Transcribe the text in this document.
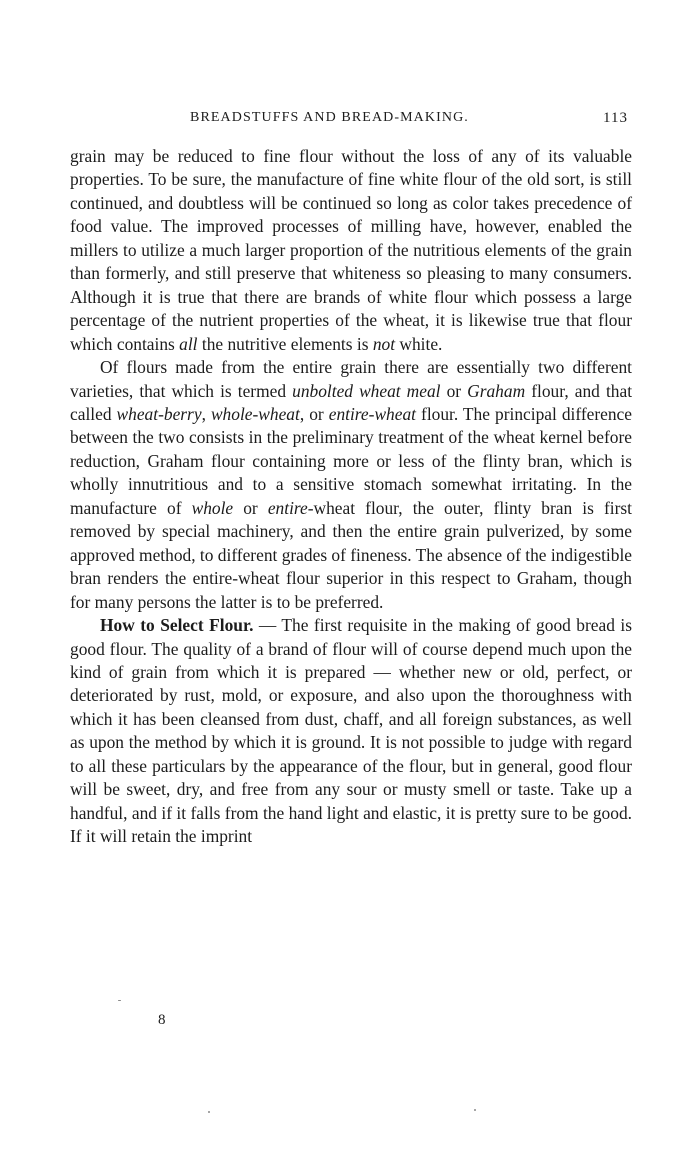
BREADSTUFFS AND BREAD-MAKING.	113

grain may be reduced to fine flour without the loss of any of its valuable properties. To be sure, the manufacture of fine white flour of the old sort, is still continued, and doubtless will be continued so long as color takes precedence of food value. The improved processes of milling have, however, enabled the millers to utilize a much larger proportion of the nutritious elements of the grain than formerly, and still preserve that whiteness so pleasing to many consumers. Although it is true that there are brands of white flour which possess a large percentage of the nutrient properties of the wheat, it is likewise true that flour which contains all the nutritive elements is not white.

Of flours made from the entire grain there are essentially two different varieties, that which is termed unbolted wheat meal or Graham flour, and that called wheat-berry, whole-wheat, or entire-wheat flour. The principal difference between the two consists in the preliminary treatment of the wheat kernel before reduction, Graham flour containing more or less of the flinty bran, which is wholly innutritious and to a sensitive stomach somewhat irritating. In the manufacture of whole or entire-wheat flour, the outer, flinty bran is first removed by special machinery, and then the entire grain pulverized, by some approved method, to different grades of fineness. The absence of the indigestible bran renders the entire-wheat flour superior in this respect to Graham, though for many persons the latter is to be preferred.

How to Select Flour. — The first requisite in the making of good bread is good flour. The quality of a brand of flour will of course depend much upon the kind of grain from which it is prepared — whether new or old, perfect, or deteriorated by rust, mold, or exposure, and also upon the thoroughness with which it has been cleansed from dust, chaff, and all foreign substances, as well as upon the method by which it is ground. It is not possible to judge with regard to all these particulars by the appearance of the flour, but in general, good flour will be sweet, dry, and free from any sour or musty smell or taste. Take up a handful, and if it falls from the hand light and elastic, it is pretty sure to be good. If it will retain the imprint

8
